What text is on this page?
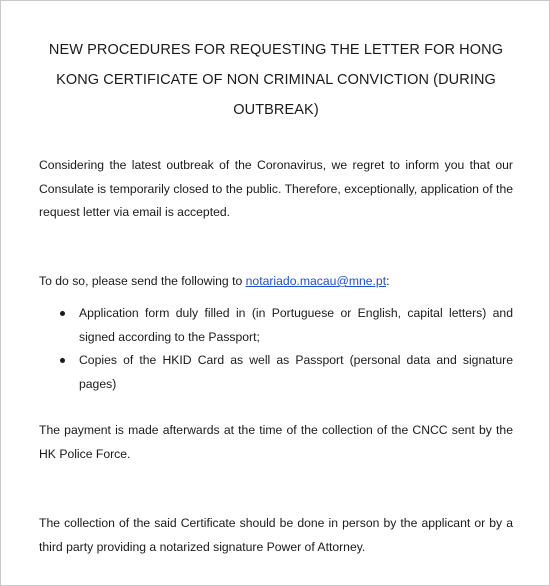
NEW PROCEDURES FOR REQUESTING THE LETTER FOR HONG KONG CERTIFICATE OF NON CRIMINAL CONVICTION (DURING OUTBREAK)
Considering the latest outbreak of the Coronavirus, we regret to inform you that our Consulate is temporarily closed to the public. Therefore, exceptionally, application of the request letter via email is accepted.
To do so, please send the following to notariado.macau@mne.pt:
Application form duly filled in (in Portuguese or English, capital letters) and signed according to the Passport;
Copies of the HKID Card as well as Passport (personal data and signature pages)
The payment is made afterwards at the time of the collection of the CNCC sent by the HK Police Force.
The collection of the said Certificate should be done in person by the applicant or by a third party providing a notarized signature Power of Attorney.
